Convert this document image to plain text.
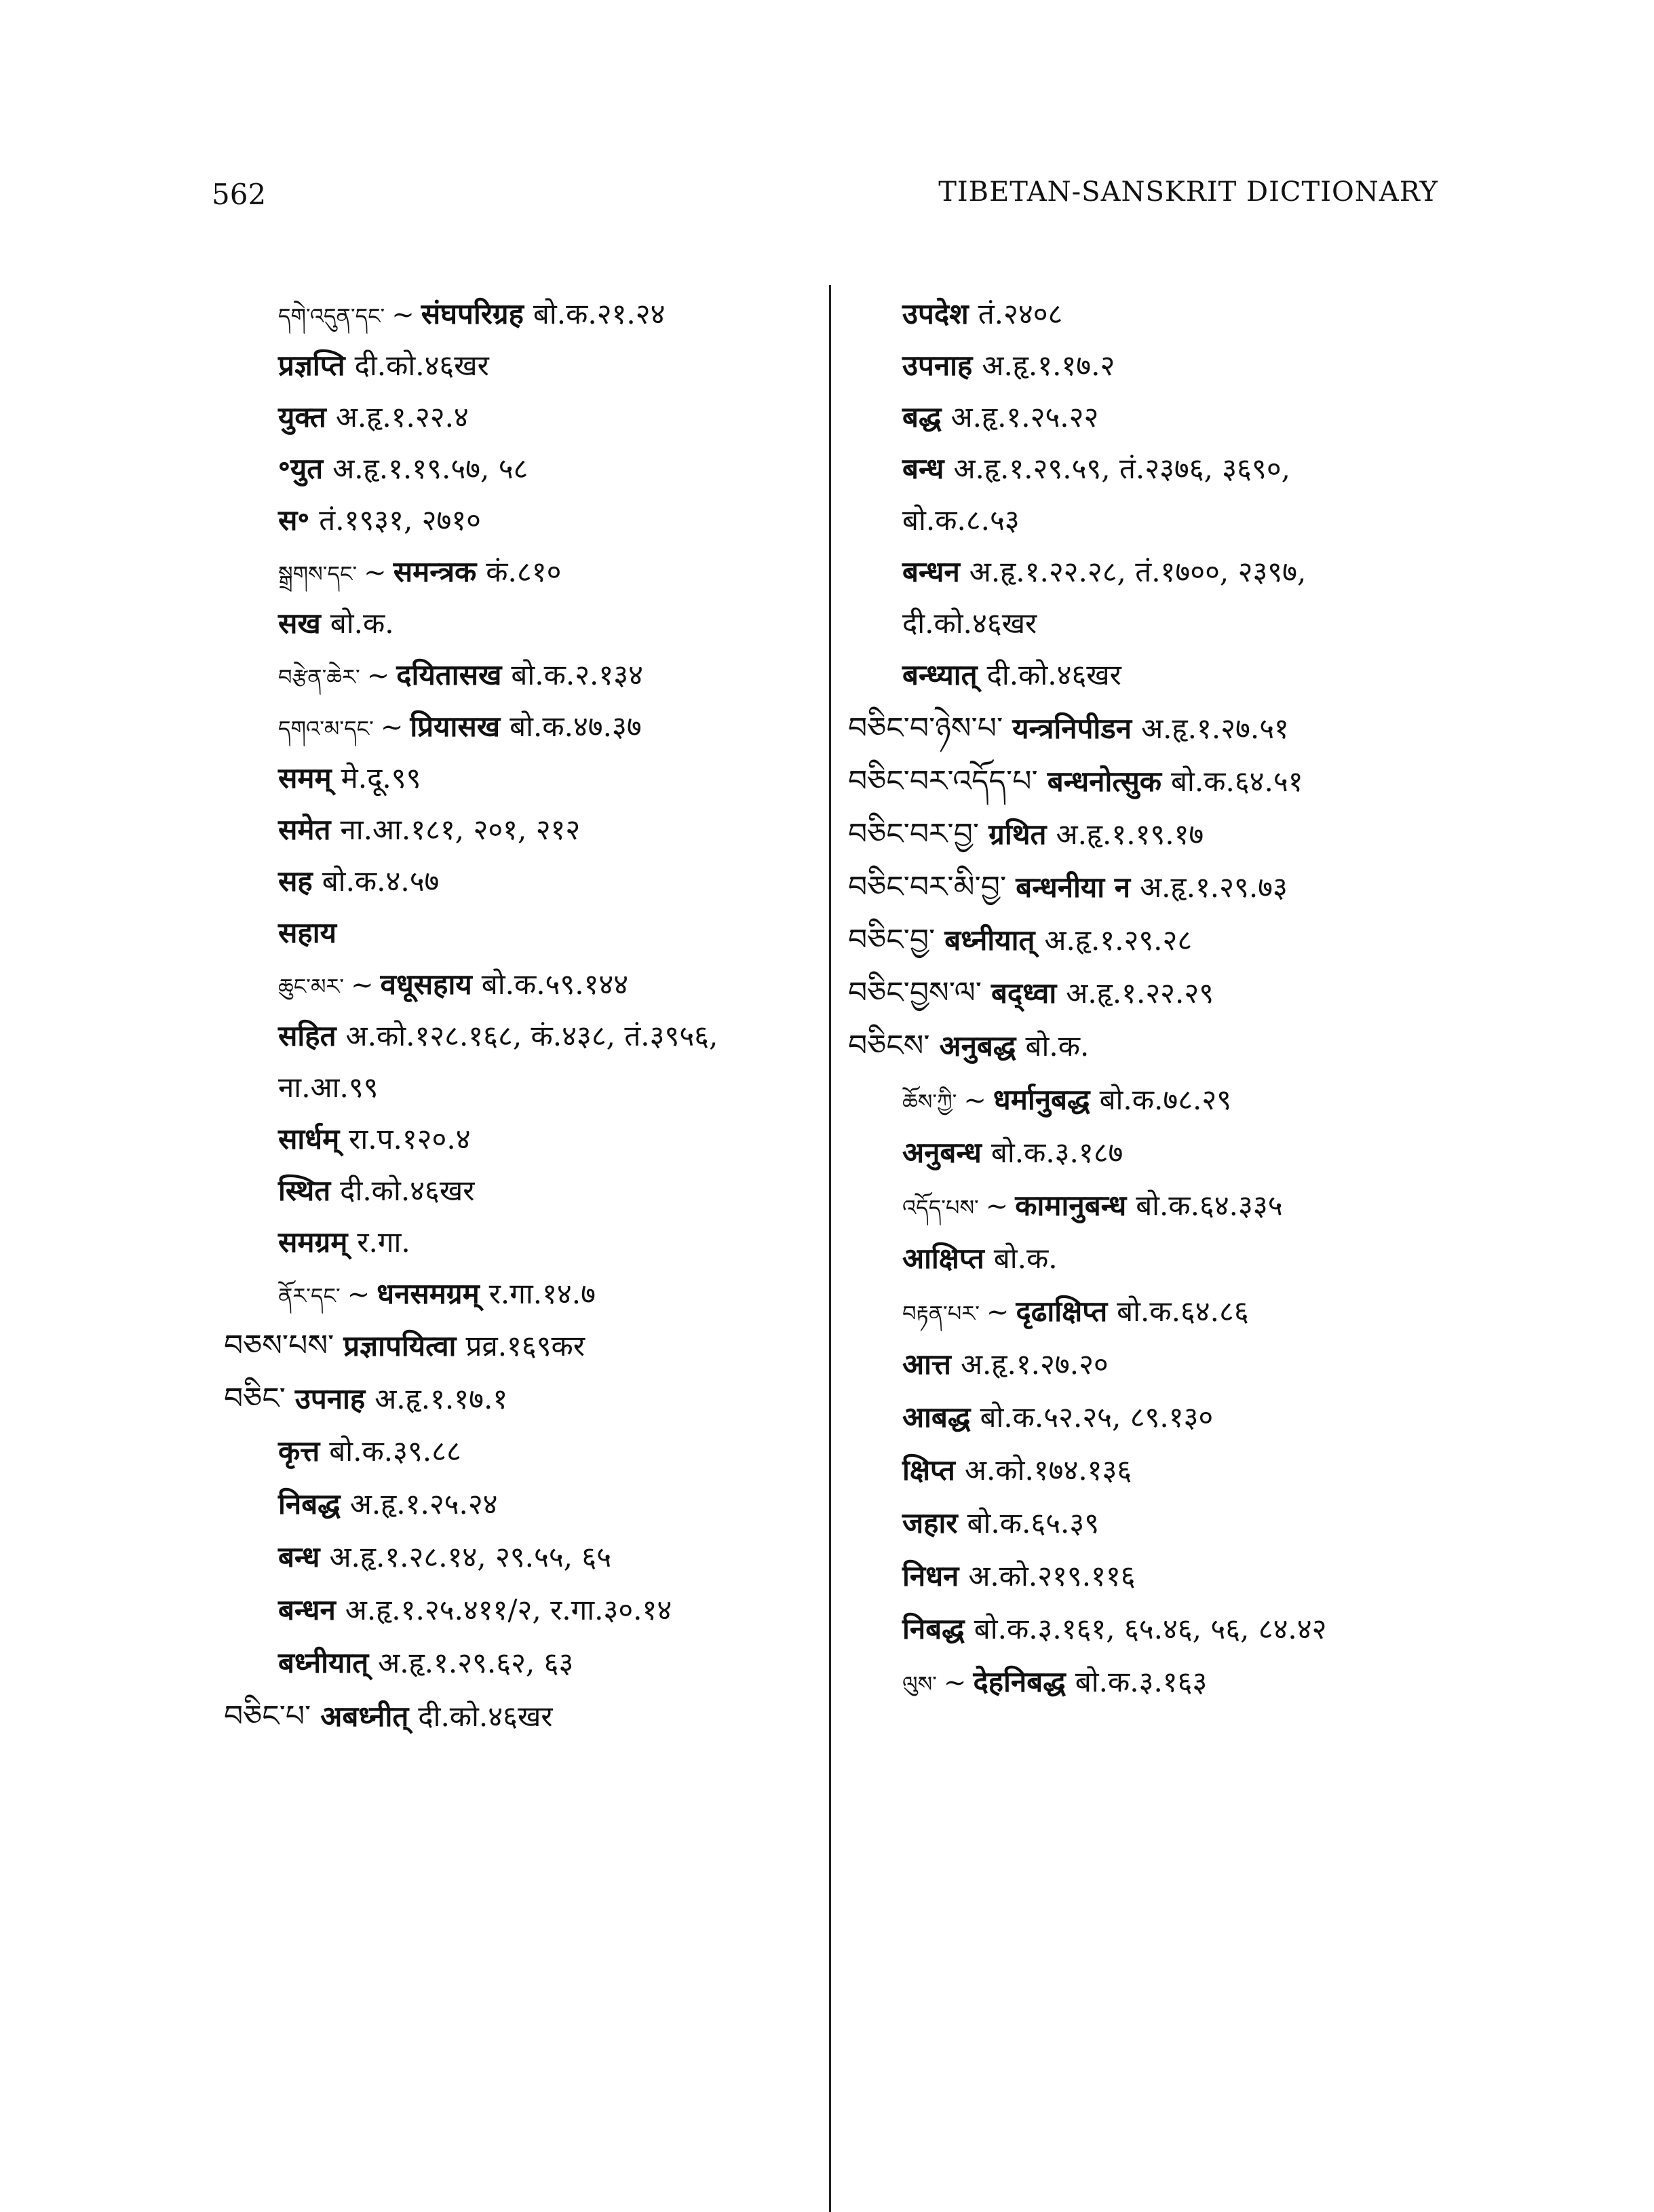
562	TIBETAN-SANSKRIT DICTIONARY
དགེ་འདུན་དང་ ~ संघपरिग्रह बो.क.२१.२४
प्रज्ञप्ति दी.को.४६खर
युक्त अ.हृ.१.२२.४
॰युत अ.हृ.१.१९.५७, ५८
स॰ तं.१९३१, २७१०
སྒྲགས་དང་ ~ समन्त्रक कं.८१०
सख बो.क.
བརྩེན་ཆེར་ ~ दयितासख बो.क.२.१३४
དགའ་མ་དང་ ~ प्रियासख बो.क.४७.३७
समम् मे.दू.९९
समेत ना.आ.१८१, २०१, २१२
सह बो.क.४.५७
सहाय
ཆུང་མར་ ~ वधूसहाय बो.क.५९.१४४
सहित अ.को.१२८.१६८, कं.४३८, तं.३९५६,
ना.आ.९९
सार्धम् रा.प.१२०.४
स्थित दी.को.४६खर
समग्रम् र.गा.
ནོར་དང་ ~ धनसमग्रम् र.गा.१४.७
བཅས་པས་ प्रज्ञापयित्वा प्रव्र.१६९कर
བཅིང་ उपनाह अ.हृ.१.१७.१
कृत्त बो.क.३९.८८
निबद्ध अ.हृ.१.२५.२४
बन्ध अ.हृ.१.२८.१४, २९.५५, ६५
बन्धन अ.हृ.१.२५.४११/२, र.गा.३०.१४
बध्नीयात् अ.हृ.१.२९.६२, ६३
བཅིང་པ་ अबध्नीत् दी.को.४६खर
उपदेश तं.२४०८
उपनाह अ.हृ.१.१७.२
बद्ध अ.हृ.१.२५.२२
बन्ध अ.हृ.१.२९.५९, तं.२३७६, ३६९०,
बो.क.८.५३
बन्धन अ.हृ.१.२२.२८, तं.१७००, २३९७,
दी.को.४६खर
बन्ध्यात् दी.को.४६खर
བཅིང་བ་ཉེས་པ་ यन्त्रनिपीडन अ.हृ.१.२७.५१
བཅིང་བར་འདོད་པ་ बन्धनोत्सुक बो.क.६४.५१
བཅིང་བར་བྱ་ ग्रथित अ.हृ.१.१९.१७
བཅིང་བར་མི་བྱ་ बन्धनीया न अ.हृ.१.२९.७३
བཅིང་བྱ་ बध्नीयात् अ.हृ.१.२९.२८
བཅིང་བྱས་ལ་ बद्ध्वा अ.हृ.१.२२.२९
བཅིངས་ अनुबद्ध बो.क.
ཆོས་ཀྱི་ ~ धर्मानुबद्ध बो.क.७८.२९
अनुबन्ध बो.क.३.१८७
འདོད་པས་ ~ कामानुबन्ध बो.क.६४.३३५
आक्षिप्त बो.क.
བརྟན་པར་ ~ दृढाक्षिप्त बो.क.६४.८६
आत्त अ.हृ.१.२७.२०
आबद्ध बो.क.५२.२५, ८९.१३०
क्षिप्त अ.को.१७४.१३६
जहार बो.क.६५.३९
निधन अ.को.२१९.११६
निबद्ध बो.क.३.१६१, ६५.४६, ५६, ८४.४२
ལུས་ ~ देहनिबद्ध बो.क.३.१६३
